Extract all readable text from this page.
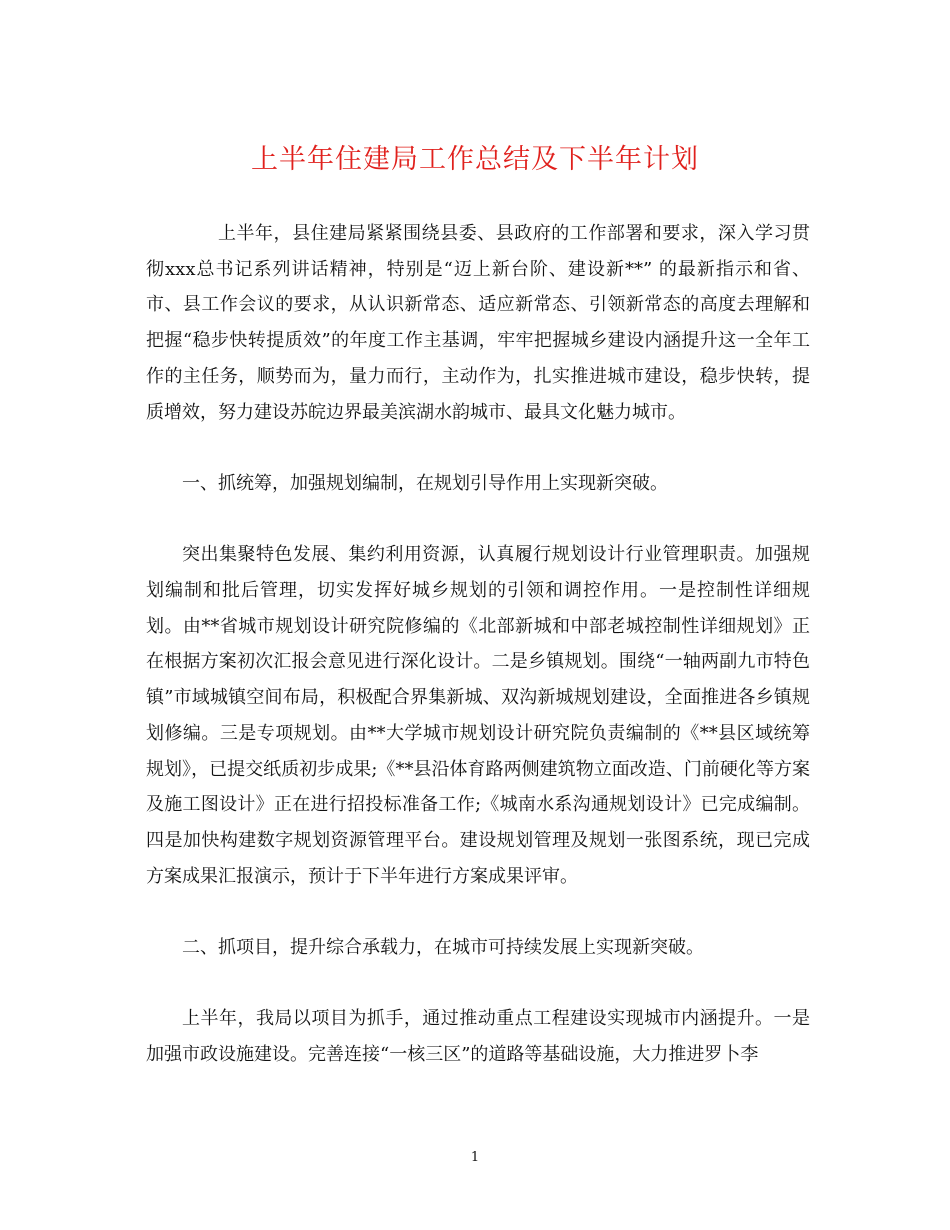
上半年住建局工作总结及下半年计划

上半年，县住建局紧紧围绕县委、县政府的工作部署和要求，深入学习贯彻xxx总书记系列讲话精神，特别是“迈上新台阶、建设新**” 的最新指示和省、市、县工作会议的要求，从认识新常态、适应新常态、引领新常态的高度去理解和把握“稳步快转提质效”的年度工作主基调，牢牢把握城乡建设内涵提升这一全年工作的主任务，顺势而为，量力而行，主动作为，扎实推进城市建设，稳步快转，提质增效，努力建设苏皖边界最美滨湖水韵城市、最具文化魅力城市。

一、抓统筹，加强规划编制，在规划引导作用上实现新突破。

突出集聚特色发展、集约利用资源，认真履行规划设计行业管理职责。加强规划编制和批后管理，切实发挥好城乡规划的引领和调控作用。一是控制性详细规划。由**省城市规划设计研究院修编的《北部新城和中部老城控制性详细规划》正在根据方案初次汇报会意见进行深化设计。二是乡镇规划。围绕“一轴两副九市特色镇”市域城镇空间布局，积极配合界集新城、双沟新城规划建设，全面推进各乡镇规划修编。三是专项规划。由**大学城市规划设计研究院负责编制的《**县区域统筹规划》，已提交纸质初步成果;《**县沿体育路两侧建筑物立面改造、门前硬化等方案及施工图设计》正在进行招投标准备工作;《城南水系沟通规划设计》已完成编制。四是加快构建数字规划资源管理平台。建设规划管理及规划一张图系统，现已完成方案成果汇报演示，预计于下半年进行方案成果评审。

二、抓项目，提升综合承载力，在城市可持续发展上实现新突破。

上半年，我局以项目为抓手，通过推动重点工程建设实现城市内涵提升。一是加强市政设施建设。完善连接“一核三区”的道路等基础设施，大力推进罗卜李

1
